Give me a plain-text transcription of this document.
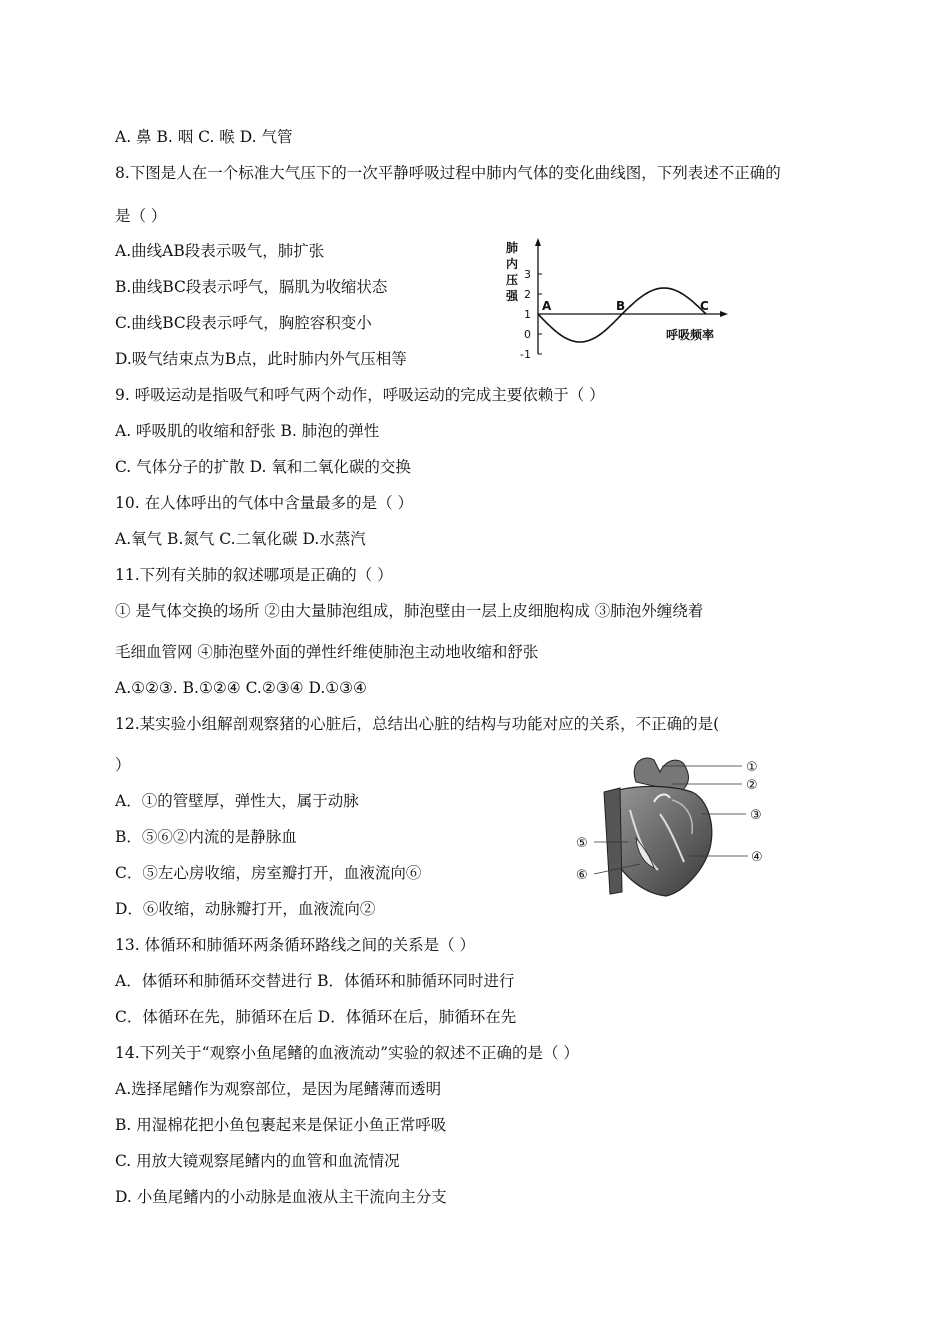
A. 鼻 B. 咽 C. 喉 D. 气管
8.下图是人在一个标准大气压下的一次平静呼吸过程中肺内气体的变化曲线图，下列表述不正确的
是（ ）
A.曲线AB段表示吸气，肺扩张
B.曲线BC段表示呼气，膈肌为收缩状态
C.曲线BC段表示呼气，胸腔容积变小
D.吸气结束点为B点，此时肺内外气压相等
肺
内
压
强
3
2
1
0
-1
A	B	C
呼吸频率
9. 呼吸运动是指吸气和呼气两个动作，呼吸运动的完成主要依赖于（ ）
A. 呼吸肌的收缩和舒张 B. 肺泡的弹性
C. 气体分子的扩散 D. 氧和二氧化碳的交换
10. 在人体呼出的气体中含量最多的是（ ）
A.氧气 B.氮气 C.二氧化碳 D.水蒸汽
11.下列有关肺的叙述哪项是正确的（ ）
① 是气体交换的场所 ②由大量肺泡组成，肺泡壁由一层上皮细胞构成 ③肺泡外缠绕着
毛细血管网 ④肺泡壁外面的弹性纤维使肺泡主动地收缩和舒张
A.①②③. B.①②④ C.②③④ D.①③④
12.某实验小组解剖观察猪的心脏后，总结出心脏的结构与功能对应的关系，不正确的是(
）
A．①的管壁厚，弹性大，属于动脉
B．⑤⑥②内流的是静脉血
C．⑤左心房收缩，房室瓣打开，血液流向⑥
D．⑥收缩，动脉瓣打开，血液流向②
①
②
③
④
⑤
⑥
13. 体循环和肺循环两条循环路线之间的关系是（ ）
A．体循环和肺循环交替进行 B．体循环和肺循环同时进行
C．体循环在先，肺循环在后 D．体循环在后，肺循环在先
14.下列关于“观察小鱼尾鳍的血液流动”实验的叙述不正确的是（ ）
A.选择尾鳍作为观察部位，是因为尾鳍薄而透明
B. 用湿棉花把小鱼包裹起来是保证小鱼正常呼吸
C. 用放大镜观察尾鳍内的血管和血流情况
D. 小鱼尾鳍内的小动脉是血液从主干流向主分支
